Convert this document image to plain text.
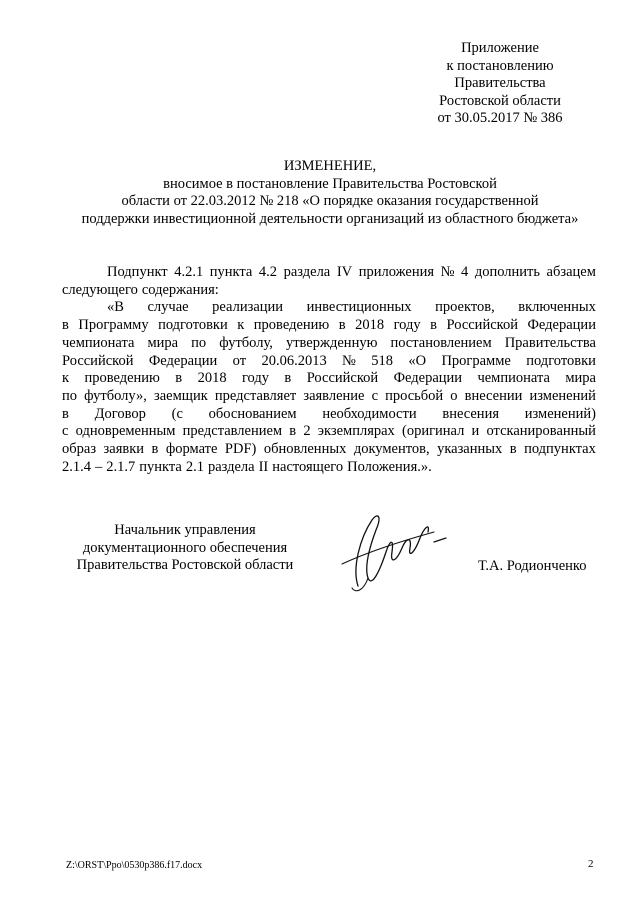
Приложение
к постановлению
Правительства
Ростовской области
от 30.05.2017 № 386
ИЗМЕНЕНИЕ,
вносимое в постановление Правительства Ростовской
области от 22.03.2012 № 218 «О порядке оказания государственной
поддержки инвестиционной деятельности организаций из областного бюджета»
Подпункт 4.2.1 пункта 4.2 раздела IV приложения № 4 дополнить абзацем
следующего содержания:
«В случае реализации инвестиционных проектов, включенных
в Программу подготовки к проведению в 2018 году в Российской Федерации
чемпионата мира по футболу, утвержденную постановлением Правительства
Российской Федерации от 20.06.2013 № 518 «О Программе подготовки
к проведению в 2018 году в Российской Федерации чемпионата мира
по футболу», заемщик представляет заявление с просьбой о внесении изменений
в Договор (с обоснованием необходимости внесения изменений)
с одновременным представлением в 2 экземплярах (оригинал и отсканированный
образ заявки в формате PDF) обновленных документов, указанных в подпунктах
2.1.4 – 2.1.7 пункта 2.1 раздела II настоящего Положения.».
Начальник управления
документационного обеспечения
Правительства Ростовской области	Т.А. Родионченко
Z:\ORST\Ppo\0530p386.f17.docx	2
